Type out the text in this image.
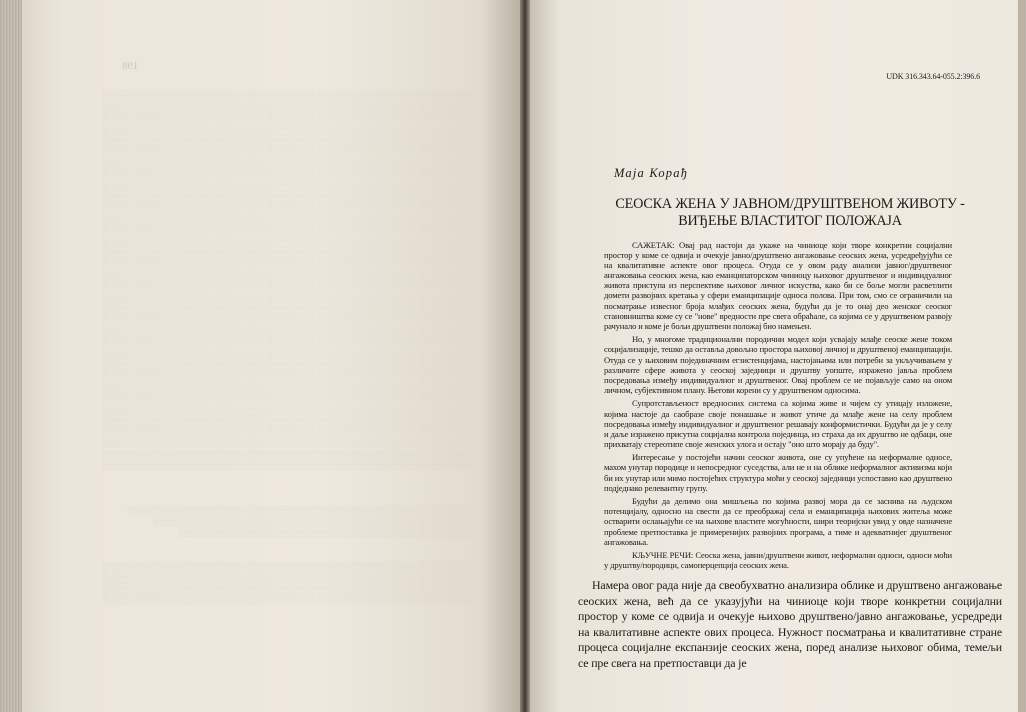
198
░░░░░░░░░░░░░░░░░░░░░░░░░░░░░░░░░░░░░░░░░░░░░░░░░░░░░░░░░░
░░░░░░░░░░░░░░░░░░░░░░░░░░░░░░░░░░░░░░░░░░░░░░░░░░░░░░░░░░
░░░░░░░░░░░░░░░░░░░░░░░░░░░░░░░░░░░░░░░░░░░░░░░░░░░░░░░░░░
░░░░░░░░░░░░░░░░░░░░░░░░░░░░░░░░░░░░░░░░░░░░░░░░░░░░░░░░░░
░░░░░░░░░░░░░░░░░░░░░░░░░░░░░░░░░░░░░░░░░░░░░░░░░░░░░░░░░░
░░░░░░░░░░░░░░░░░░░░░░░░░░░░░░░░░░░░░░░░░░░░░░░░░░░░░░░░░░
░░░░░░░░░░░░░░░░░░░░░░░░░░░░░░░░░░░░░░░░░░░░░░░░░░░░░░░░░░
░░░░░░░░░░░░░░░░░░░░░░░░░░░░░░░░░░░░░░░░░░░░░░░░░░░░░░░░░░
░░░░░░░░░░░░░░░░░░░░░░░░░░░░░░░░░░░░░░░░░░░░░░░░░░░░░░░░░░
░░░░░░░░░░░░░░░░░░░░░░░░░░░░░░░░░░░░░░░░░░░░░░░░░░░░░░░░░░
░░░░░░░░░░░░░░░░░░░░░░░░░░░░░░░░░░░░░░░░░░░░░░░░░░░░░░░░░░
░░░░░░░░░░░░░░░░░░░░░░░░░░░░░░░░░░░░░░░░░░░░░░░░░░░░░░░░░░
░░░░░░░░░░░░░░░░░░░░░░░░░░░░░░░░░░░░░░░░░░░░░░░░░░░░░░░░░░
░░░░░░░░░░░░░░░░░░░░░░░░░░░░░░░░░░░░░░░░░░░░░░░░░░░░░░░░░░
░░░░░░░░░░░░░░░░░░░░░░░░░░░░░░░░░░░░░░░░░░░░░░░░░░░░░░░░░░
░░░░░░░░░░░░░░░░░░░░░░░░░░░░░░░░░░░░░░░░░░░░░░░░░░░░░░░░░░
░░░░░░░░░░░░░░░░░░░░░░░░░░░░░░░░░░░░░░░░░░░░░░░░░░░░░░░░░░
░░░░░░░░░░░░░░░░░░░░░░░░░░░░░░░░░░░░░░░░░░░░░░░░░░░░░░░░░░
░░░░░░░░░░░░░░░░░░░░░░░░░░░░░░░░░░░░░░░░░░░░░░░░░░░░░░░░░░
░░░░░░░░░░░░░░░░░░░░░░░░░░░░░░░░░░░░░░░░░░░░░░░░░░░░░░░░░░
░░░░░░░░░░░░░░░░░░░░░░░░░░░░░░░░░░░░░░░░░░░░░░░░░░░░░░░░░░
░░░░░░░░░░░░░░░░░░░░░░░░░░░░░░░░░░░░░░░░░░░░░░░░░░░░░░░░░░
░░░░░░░░░░░░░░░░░░░░░░░░░░░░░░░░░░░░░░░░░░░░░░░░░░░░░░░░░░
░░░░░░░░░░░░░░░░░░░░░░░░░░░░░░░░░░░░░░░░░░░░░░░░░░░░░░░░░░
░░░░░░░░░░░░░░░░░░░░░░░░░░░░░░░░░░░░░░░░░░░░░░░░░░░░░░░░░░
░░░░░░░░░░░░░░░░░░░░░░░░░░░░░░░░░░░░░░░░░░░░░░░░░░░░░░░░░░
░░░░░░░░░░░░░░░░░░░░░░░░░░░░░░░░░░░░░░░░░░░░░░░░░░░░░░░░░░
░░░░░░░░░░░░░░░░░░░░░░░░░░░░░░░░░░░░░░░░░░░░░░░░░░░░░░░░░░
░░░░░░░░░░░░░░░░░░░░░░░░░░░░░░░░░░░░░░░░░░░░░░░░░░░░░░░░░░
░░░░░░░░░░░░░░░░░░░░░░░░░░░░░░░░░░░░░░░░░░░░░░░░░░░░░░░░░░
░░░░░░░░░░░░░░░░░░░░░░░░░░░░░░░░░░░░░░░░░░░░░░░░░░░░░░░░░░
░░░░░░░░░░░░░░░░░░░░░░░░░░░░░░░░░░░░░░░░░░░░░░░░░░░░░░░░░░
░░░░░░░░░░░░░░░░░░░░░░░░░░░░░░░░░░░░░░░░░░░░░░░░░░░░░░░░░░
░░░░░░░░░░░░░░░░░░░░░░░░░░░░░░░░░░░░░░░░░░░░░░░░░░░░░░░░░░

░░░░░░░░░░░░░░░░░░░░░░░░░░░░░░░░░░░░░░░░░░░░░░░░░░░░░░
░░░░░░░░░░░░░░░░░░░░░░░░░░░░░░░░░░░░░░░░░░░░░░░░░░
░░░░░░░░░░░░░░░░░░░░░░░░░░░░░░░░░░░░░░░░░░░░░░

░░░░░░░░░░░░░░░░░░░░░░░░░░░░░░░░░░░░░░░░░░░░░░░░░░░░░░░░░░
░░░░░░░░░░░░░░░░░░░░░░░░░░░░░░░░░░░░░░░░░░░░░░░░░░░░░░░░░░
░░░░░░░░░░░░░░░░░░░░░░░░░░░░░░░░░░░░░░░░░░░░░░░░░░░░░░░░░░
░░░░░░░░░░░░░░░░░░░░░░░░░░░░░░░░░░░░░░░░░░░░░░░░░░░░░░░░░░

UDK 316.343.64-055.2:396.6
Маја Корађ
СЕОСКА ЖЕНА У ЈАВНОМ/ДРУШТВЕНОМ ЖИВОТУ -
ВИЂЕЊЕ ВЛАСТИТОГ ПОЛОЖАЈА

САЖЕТАК: Овај рад настоји да укаже на чиниоце који творе конкретни социјални простор у коме се одвија и очекује јавно/друштвено ангажовање сеоских жена, усредређујући се на квалитативне аспекте овог процеса. Отуда се у овом раду анализи јавног/друштвеног ангажовања сеоских жена, као еманципаторском чиниоцу њиховог друштвеног и индивидуалног живота приступа из перспективе њиховог личног искуства, како би се боље могли расветлити домети развојних кретања у сфери еманципације односа полова. При том, смо се ограничили на посматрање извесног броја млађих сеоских жена, будући да је то онај део женског сеоског становништва коме су се "нове" вредности пре свега обраћале, са којима се у друштвеном развоју рачунало и коме је бољи друштвени положај био намењен.

Но, у многоме традиционални породични модел који усвајају млађе сеоске жене током социјализације, тешко да оставља довољно простора њиховој личној и друштвеној еманципацији. Отуда се у њиховим појединачним егзистенцијама, настојањима или потреби за укључивањем у различите сфере живота у сеоској заједници и друштву уопште, изражено јавља проблем посредовања између индивидуалног и друштвеног. Овај проблем се не појављује само на оном личном, субјективном плану. Његови корени су у друштвеном односима.

Супротстављеност вредносних система са којима живе и чијем су утицају изложене, којима настоје да саобразе своје понашање и живот утиче да млађе жене на селу проблем посредовања између индивидуалног и друштвеног решавају конформистички. Будући да је у селу и даље изражено присутна социјална контрола појединца, из страха да их друштво не одбаци, оне прихватају стереотипе своје женских улога и остају "оно што морају да буду".

Интересање у постојећи начин сеоског живота, оне су упућене на неформалне односе, махом унутар породице и непосредног суседства, али не и на облике неформалног активизма који би их унутар или мимо постојећих структура моћи у сеоској заједници успоставио као друштвено подједнако релевантну групу.

Будући да делимо она мишљења по којима развој мора да се заснива на људском потенцијалу, односно на свести да се преображај села и еманципација њихових житеља може остварити ослањајући се на њихове властите могућности, шири теоријски увид у овде назначене проблеме претпоставка је примеренијих развојних програма, а тиме и адекватнијег друштвеног ангажовања.

КЉУЧНЕ РЕЧИ: Сеоска жена, јавни/друштвени живот, неформални односи, односи моћи у друштву/породици, самоперцепција сеоских жена.

Намера овог рада није да свеобухватно анализира облике и друштвено ангажовање сеоских жена, већ да се указујући на чиниоце који творе конкретни социјални простор у коме се одвија и очекује њихово друштвено/јавно ангажовање, усредреди на квалитативне аспекте ових процеса. Нужност посматрања и квалитативне стране процеса социјалне експанзије сеоских жена, поред анализе њиховог обима, темељи се пре свега на претпоставци да је
